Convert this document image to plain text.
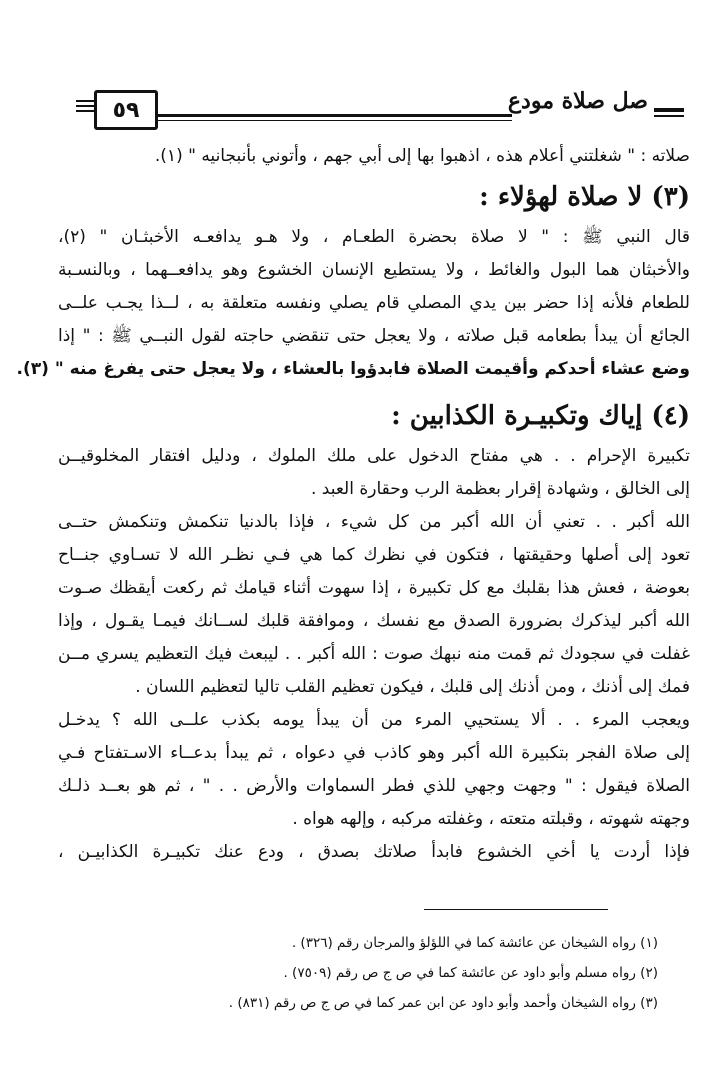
٥٩	صل صلاة مودع
صلاته : " شغلتني أعلام هذه ، اذهبوا بها إلى أبي جهم ، وأتوني بأنبجانيه " (١).
(٣) لا صلاة لهؤلاء :
قال النبي ﷺ : " لا صلاة بحضرة الطعـام ، ولا هـو يدافعـه الأخبثـان " (٢)،
والأخبثان هما البول والغائط ، ولا يستطيع الإنسان الخشوع وهو يدافعــهما ، وبالنسـبة
للطعام فلأنه إذا حضر بين يدي المصلي قام يصلي ونفسه متعلقة به ، لــذا يجـب علــى
الجائع أن يبدأ بطعامه قبل صلاته ، ولا يعجل حتى تنقضي حاجته لقول النبــي ﷺ : " إذا
وضع عشاء أحدكم وأقيمت الصلاة فابدؤوا بالعشاء ، ولا يعجل حتى يفرغ منه " (٣).
(٤) إياك وتكبيـرة الكذابين :
تكبيرة الإحرام . . هي مفتاح الدخول على ملك الملوك ، ودليل افتقار المخلوقيــن
إلى الخالق ، وشهادة إقرار بعظمة الرب وحقارة العبد .
الله أكبر . . تعني أن الله أكبر من كل شيء ، فإذا بالدنيا تنكمش وتنكمش حتــى
تعود إلى أصلها وحقيقتها ، فتكون في نظرك كما هي فـي نظـر الله لا تسـاوي جنــاح
بعوضة ، فعش هذا بقلبك مع كل تكبيرة ، إذا سهوت أثناء قيامك ثم ركعت أيقظك صـوت
الله أكبر ليذكرك بضرورة الصدق مع نفسك ، وموافقة قلبك لســانك فيمـا يقـول ، وإذا
غفلت في سجودك ثم قمت منه نبهك صوت : الله أكبر . . ليبعث فيك التعظيم يسري مــن
فمك إلى أذنك ، ومن أذنك إلى قلبك ، فيكون تعظيم القلب تاليا لتعظيم اللسان .
ويعجب المرء . . ألا يستحيي المرء من أن يبدأ يومه بكذب علــى الله ؟ يدخـل
إلى صلاة الفجر بتكبيرة الله أكبر وهو كاذب في دعواه ، ثم يبدأ بدعــاء الاسـتفتاح فـي
الصلاة فيقول : " وجهت وجهي للذي فطر السماوات والأرض . . " ، ثم هو بعــد ذلـك
وجهته شهوته ، وقبلته متعته ، وغفلته مركبه ، وإلهه هواه .
فإذا أردت يا أخي الخشوع فابدأ صلاتك بصدق ، ودع عنك تكبيـرة الكذابيـن ،
(١) رواه الشيخان عن عائشة كما في اللؤلؤ والمرجان رقم (٣٢٦) .
(٢) رواه مسلم وأبو داود عن عائشة كما في ص ج ص رقم (٧٥٠٩) .
(٣) رواه الشيخان وأحمد وأبو داود عن ابن عمر كما في ص ج ص رقم (٨٣١) .
